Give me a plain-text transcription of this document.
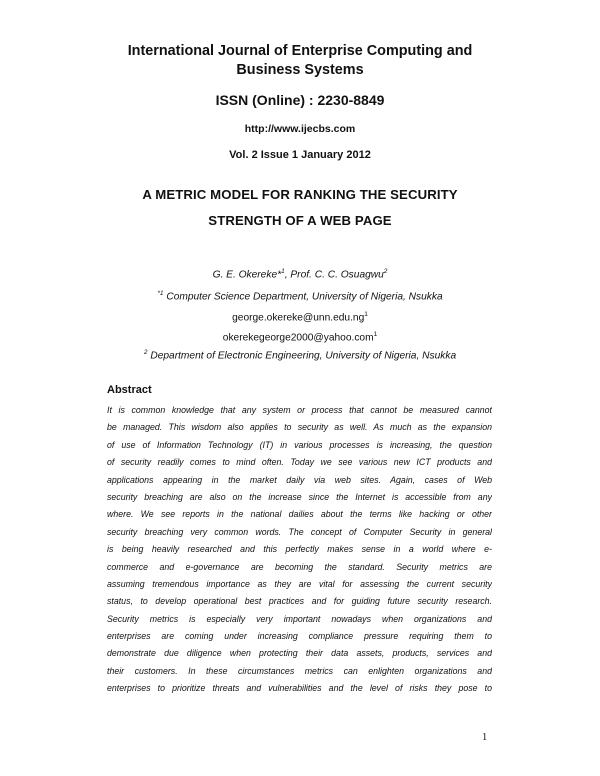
International Journal of Enterprise Computing and
Business Systems
ISSN (Online) : 2230-8849
http://www.ijecbs.com
Vol. 2 Issue 1 January 2012
A METRIC MODEL FOR RANKING THE SECURITY
STRENGTH OF A WEB PAGE
G. E. Okereke*$^1$, Prof. C. C. Osuagwu$^2$
$^{*1}$ Computer Science Department, University of Nigeria, Nsukka
$george.okereke@unn.edu.ng^1$
okerekegeorge2000@yahoo.com$^1$
$^2$ Department of Electronic Engineering, University of Nigeria, Nsukka
Abstract
It is common knowledge that any system or process that cannot be measured cannot
be managed. This wisdom also applies to security as well. As much as the expansion
of use of Information Technology (IT) in various processes is increasing, the question
of security readily comes to mind often. Today we see various new ICT products and
applications appearing in the market daily via web sites. Again, cases of Web
security breaching are also on the increase since the Internet is accessible from any
where. We see reports in the national dailies about the terms like hacking or other
security breaching very common words. The concept of Computer Security in general
is being heavily researched and this perfectly makes sense in a world where e-
commerce and e-governance are becoming the standard. Security metrics are
assuming tremendous importance as they are vital for assessing the current security
status, to develop operational best practices and for guiding future security research.
Security metrics is especially very important nowadays when organizations and
enterprises are coming under increasing compliance pressure requiring them to
demonstrate due diligence when protecting their data assets, products, services and
their customers. In these circumstances metrics can enlighten organizations and
enterprises to prioritize threats and vulnerabilities and the level of risks they pose to
1
